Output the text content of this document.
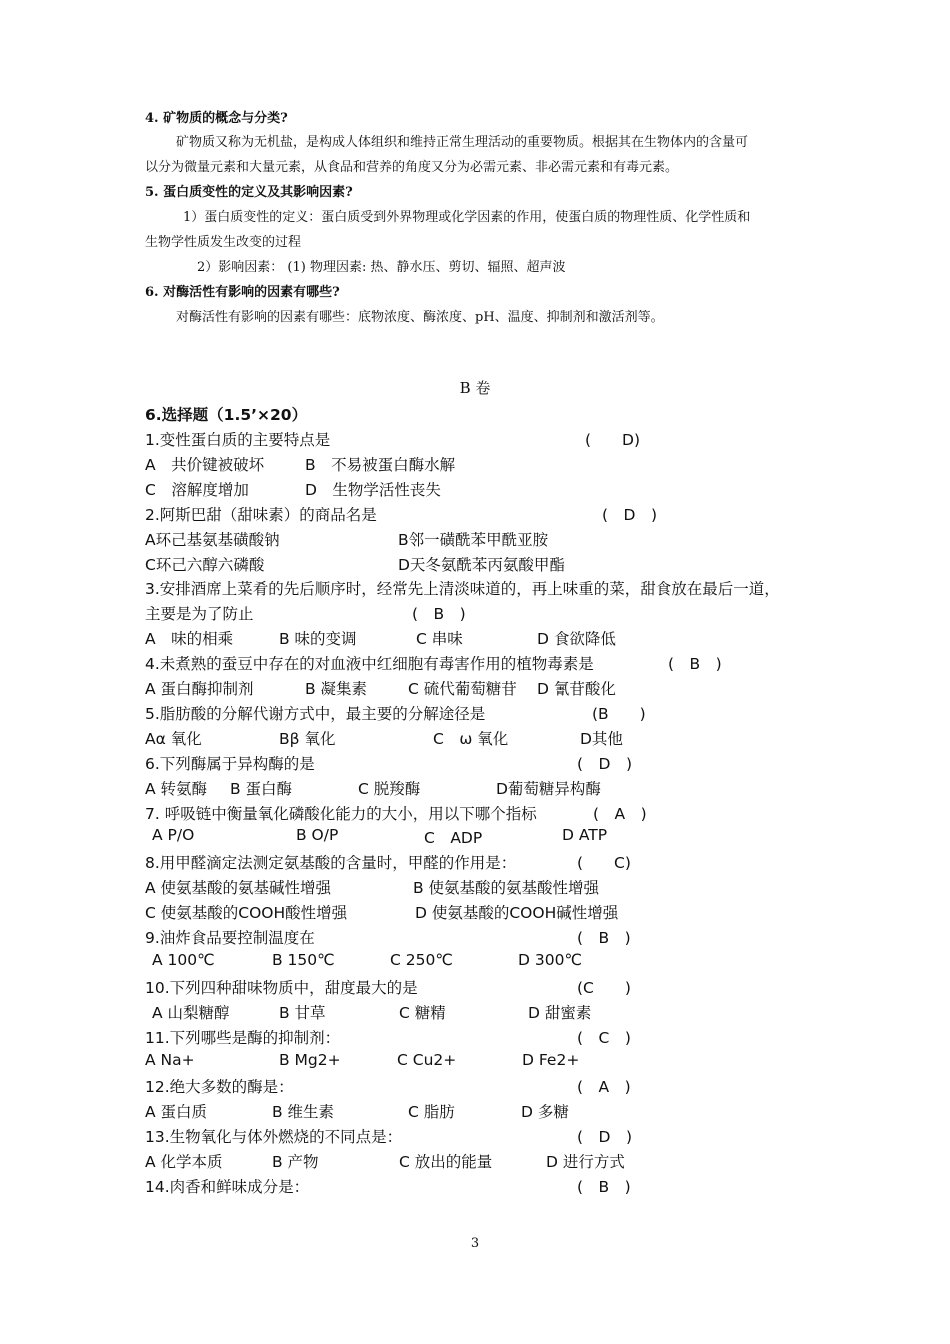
4. 矿物质的概念与分类?
矿物质又称为无机盐，是构成人体组织和维持正常生理活动的重要物质。根据其在生物体内的含量可
以分为微量元素和大量元素，从食品和营养的角度又分为必需元素、非必需元素和有毒元素。
5. 蛋白质变性的定义及其影响因素?
1）蛋白质变性的定义：蛋白质受到外界物理或化学因素的作用，使蛋白质的物理性质、化学性质和
生物学性质发生改变的过程
2）影响因素： (1) 物理因素: 热、静水压、剪切、辐照、超声波
6. 对酶活性有影响的因素有哪些?
对酶活性有影响的因素有哪些：底物浓度、酶浓度、pH、温度、抑制剂和激活剂等。
B 卷
6.选择题（1.5’×20）
1.变性蛋白质的主要特点是	(　　D)
A　共价键被破坏	B　不易被蛋白酶水解
C　溶解度增加	D　生物学活性丧失
2.阿斯巴甜（甜味素）的商品名是	(　D　)
A环己基氨基磺酸钠	B邻一磺酰苯甲酰亚胺
C环己六醇六磷酸	D天冬氨酰苯丙氨酸甲酯
3.安排酒席上菜肴的先后顺序时，经常先上清淡味道的，再上味重的菜，甜食放在最后一道，
主要是为了防止	(　B　)
A　味的相乘	B 味的变调	C 串味	D 食欲降低
4.未煮熟的蚕豆中存在的对血液中红细胞有毒害作用的植物毒素是	(　B　)
A 蛋白酶抑制剂	B 凝集素	C 硫代葡萄糖苷 D 氰苷酸化
5.脂肪酸的分解代谢方式中，最主要的分解途径是	(B　　)
Aα 氧化	Bβ 氧化	C　ω 氧化	D其他
6.下列酶属于异构酶的是	(　D　)
A 转氨酶 B 蛋白酶	C 脱羧酶	D葡萄糖异构酶
7. 呼吸链中衡量氧化磷酸化能力的大小，用以下哪个指标	(　A　)
A P/O	B O/P	C　ADP	D ATP
8.用甲醛滴定法测定氨基酸的含量时，甲醛的作用是：	(　　C)
A 使氨基酸的氨基碱性增强	B 使氨基酸的氨基酸性增强
C 使氨基酸的COOH酸性增强	D 使氨基酸的COOH碱性增强
9.油炸食品要控制温度在	(　B　)
A 100℃	B 150℃	C 250℃	D 300℃
10.下列四种甜味物质中，甜度最大的是	(C　　)
A 山梨糖醇	B 甘草	C 糖精	D 甜蜜素
11.下列哪些是酶的抑制剂：	(　C　)
A Na+	B Mg2+	C Cu2+	D Fe2+
12.绝大多数的酶是：	(　A　)
A 蛋白质	B 维生素	C 脂肪	D 多糖
13.生物氧化与体外燃烧的不同点是：	(　D　)
A 化学本质	B 产物	C 放出的能量	D 进行方式
14.肉香和鲜味成分是：	(　B　)
3
